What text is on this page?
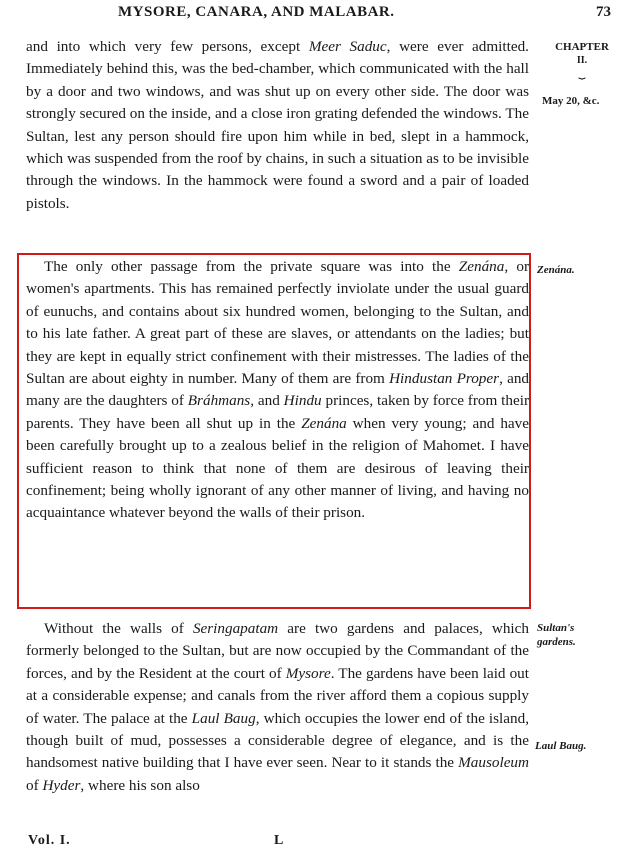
MYSORE, CANARA, AND MALABAR.	73
CHAPTER
II.
⏟
May 20, &c.
Zenána.
Sultan's gardens.
Laul Baug.

and into which very few persons, except Meer Saduc, were ever admitted. Immediately behind this, was the bed-chamber, which communicated with the hall by a door and two windows, and was shut up on every other side. The door was strongly secured on the inside, and a close iron grating defended the windows. The Sultan, lest any person should fire upon him while in bed, slept in a hammock, which was suspended from the roof by chains, in such a situation as to be invisible through the windows. In the hammock were found a sword and a pair of loaded pistols.

The only other passage from the private square was into the Zenána, or women's apartments. This has remained perfectly inviolate under the usual guard of eunuchs, and contains about six hundred women, belonging to the Sultan, and to his late father. A great part of these are slaves, or attendants on the ladies; but they are kept in equally strict confinement with their mistresses. The ladies of the Sultan are about eighty in number. Many of them are from Hindustan Proper, and many are the daughters of Bráhmans, and Hindu princes, taken by force from their parents. They have been all shut up in the Zenána when very young; and have been carefully brought up to a zealous belief in the religion of Mahomet. I have sufficient reason to think that none of them are desirous of leaving their confinement; being wholly ignorant of any other manner of living, and having no acquaintance whatever beyond the walls of their prison.

Without the walls of Seringapatam are two gardens and palaces, which formerly belonged to the Sultan, but are now occupied by the Commandant of the forces, and by the Resident at the court of Mysore. The gardens have been laid out at a considerable expense; and canals from the river afford them a copious supply of water. The palace at the Laul Baug, which occupies the lower end of the island, though built of mud, possesses a considerable degree of elegance, and is the handsomest native building that I have ever seen. Near to it stands the Mausoleum of Hyder, where his son also

Vol. I.	L
